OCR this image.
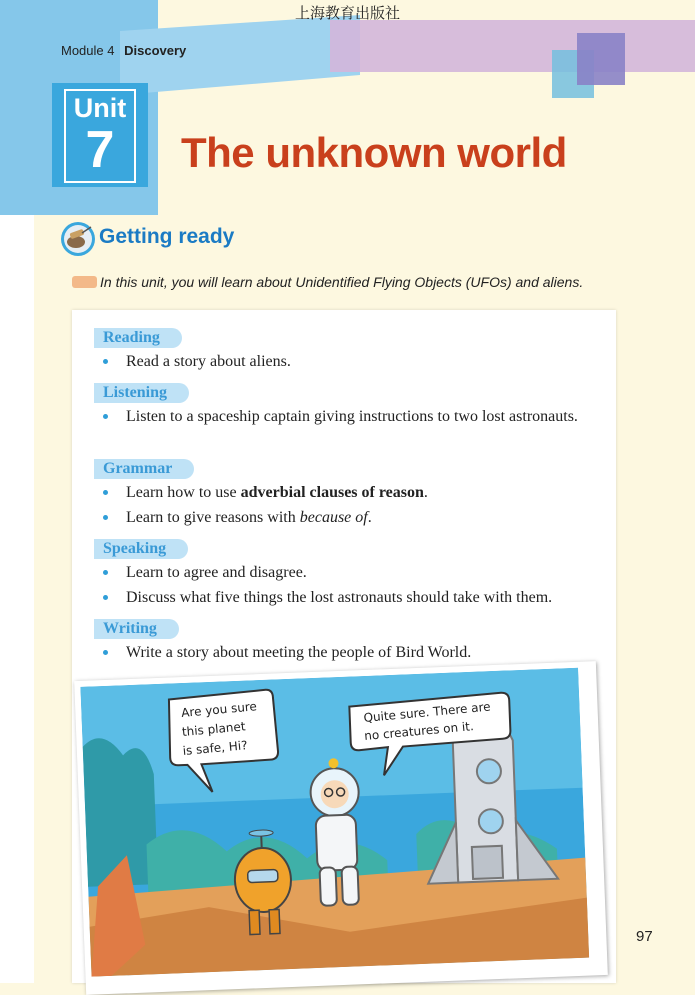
上海教育出版社
Module 4 Discovery
Unit
7	The unknown world
Getting ready
In this unit, you will learn about Unidentified Flying Objects (UFOs) and aliens.
Reading
Read a story about aliens.
Listening
Listen to a spaceship captain giving instructions to two lost astronauts.
Grammar
Learn how to use adverbial clauses of reason.
Learn to give reasons with because of.
Speaking
Learn to agree and disagree.
Discuss what five things the lost astronauts should take with them.
Writing
Write a story about meeting the people of Bird World.
Are you sure
this planet
is safe, Hi?
Quite sure. There are
no creatures on it.
97
